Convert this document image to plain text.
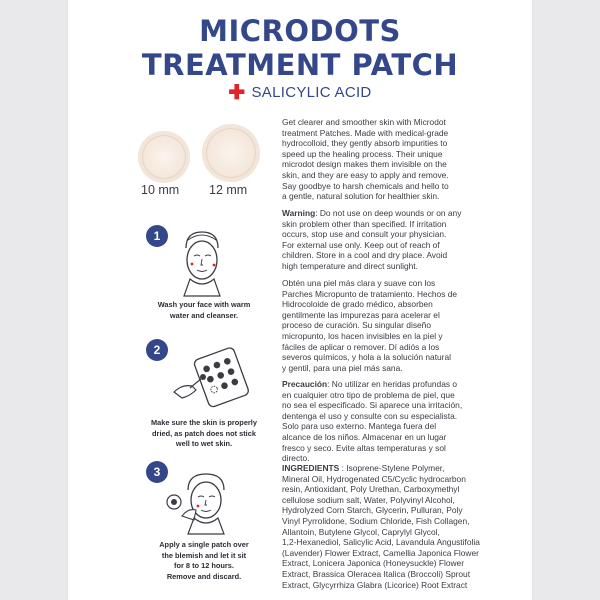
MICRODOTS
TREATMENT PATCH
✚ SALICYLIC ACID
10 mm 12 mm
1
Wash your face with warm
water and cleanser.
2
Make sure the skin is properly
dried, as patch does not stick
well to wet skin.
3
Apply a single patch over
the blemish and let it sit
for 8 to 12 hours.
Remove and discard.
Get clearer and smoother skin with Microdot
treatment Patches. Made with medical-grade
hydrocolloid, they gently absorb impurities to
speed up the healing process. Their unique
microdot design makes them invisible on the
skin, and they are easy to apply and remove.
Say goodbye to harsh chemicals and hello to
a gentle, natural solution for healthier skin.
Warning: Do not use on deep wounds or on any
skin problem other than specified. If irritation
occurs, stop use and consult your physician.
For external use only. Keep out of reach of
children. Store in a cool and dry place. Avoid
high temperature and direct sunlight.
Obtén una piel más clara y suave con los
Parches Micropunto de tratamiento. Hechos de
Hidrocoloide de grado médico, absorben
gentilmente las impurezas para acelerar el
proceso de curación. Su singular diseño
micropunto, los hacen invisibles en la piel y
fáciles de aplicar o remover. Dí adiós a los
severos químicos, y hola a la solución natural
y gentil, para una piel más sana.
Precaución: No utilizar en heridas profundas o
en cualquier otro tipo de problema de piel, que
no sea el especificado. Si aparece una irritación,
dentenga el uso y consulte con su especialista.
Solo para uso externo. Mantega fuera del
alcance de los niños. Almacenar en un lugar
fresco y seco. Evite altas temperaturas y sol
directo.
INGREDIENTS : Isoprene-Stylene Polymer,
Mineral Oil, Hydrogenated C5/Cyclic hydrocarbon
resin, Antioxidant, Poly Urethan, Carboxymethyl
cellulose sodium salt, Water, Polyvinyl Alcohol,
Hydrolyzed Corn Starch, Glycerin, Pulluran, Poly
Vinyl Pyrrolidone, Sodium Chloride, Fish Collagen,
Allantoin, Butylene Glycol, Caprylyl Glycol,
1,2-Hexanediol, Salicylic Acid, Lavandula Angustifolia
(Lavender) Flower Extract, Camellia Japonica Flower
Extract, Lonicera Japonica (Honeysuckle) Flower
Extract, Brassica Oleracea Italica (Broccoli) Sprout
Extract, Glycyrrhiza Glabra (Licorice) Root Extract
